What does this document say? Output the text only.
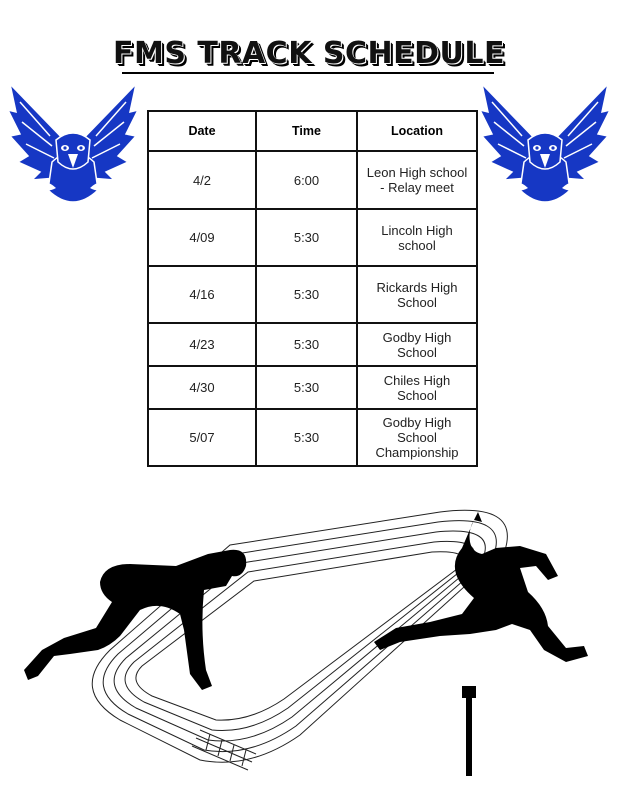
FMS TRACK SCHEDULE
Date	Time	Location
4/2	6:00	Leon High school - Relay meet
4/09	5:30	Lincoln High school
4/16	5:30	Rickards High School
4/23	5:30	Godby High School
4/30	5:30	Chiles High School
5/07	5:30	Godby High School Championship
